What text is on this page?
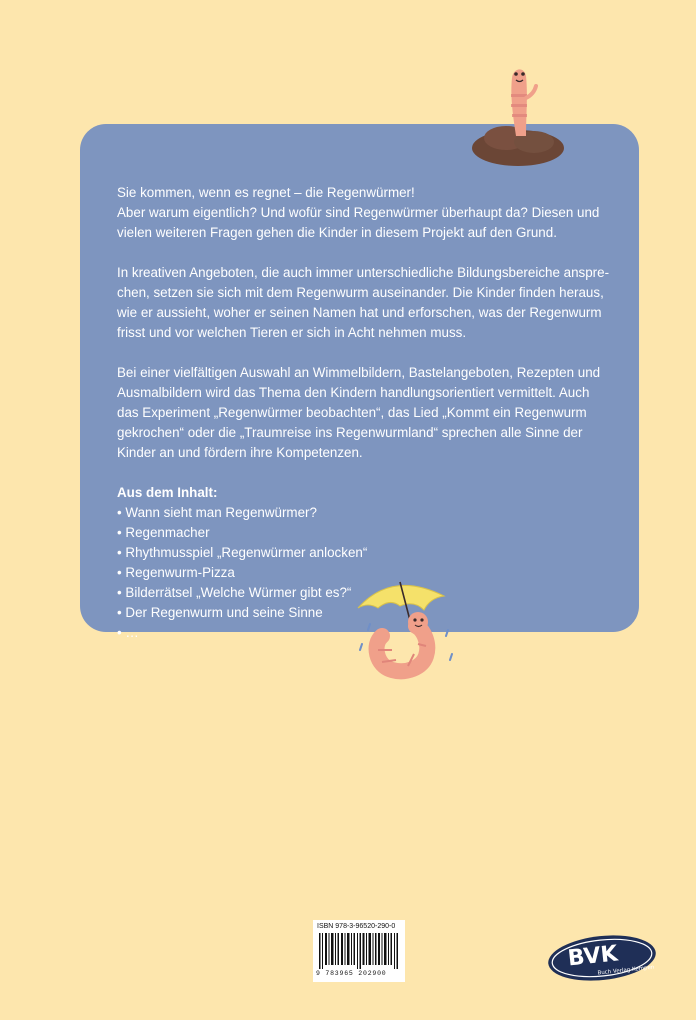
Sie kommen, wenn es regnet – die Regenwürmer!
Aber warum eigentlich? Und wofür sind Regenwürmer überhaupt da? Diesen und
vielen weiteren Fragen gehen die Kinder in diesem Projekt auf den Grund.

In kreativen Angeboten, die auch immer unterschiedliche Bildungsbereiche anspre-
chen, setzen sie sich mit dem Regenwurm auseinander. Die Kinder finden heraus,
wie er aussieht, woher er seinen Namen hat und erforschen, was der Regenwurm
frisst und vor welchen Tieren er sich in Acht nehmen muss.

Bei einer vielfältigen Auswahl an Wimmelbildern, Bastelangeboten, Rezepten und
Ausmalbildern wird das Thema den Kindern handlungsorientiert vermittelt. Auch
das Experiment „Regenwürmer beobachten“, das Lied „Kommt ein Regenwurm
gekrochen“ oder die „Traumreise ins Regenwurmland“ sprechen alle Sinne der
Kinder an und fördern ihre Kompetenzen.

Aus dem Inhalt:
• Wann sieht man Regenwürmer?
• Regenmacher
• Rhythmusspiel „Regenwürmer anlocken“
• Regenwurm-Pizza
• Bilderrätsel „Welche Würmer gibt es?“
• Der Regenwurm und seine Sinne
• …
ISBN 978-3-96520-290-0
9 783965 202900
BVK
Buch Verlag Kempen
